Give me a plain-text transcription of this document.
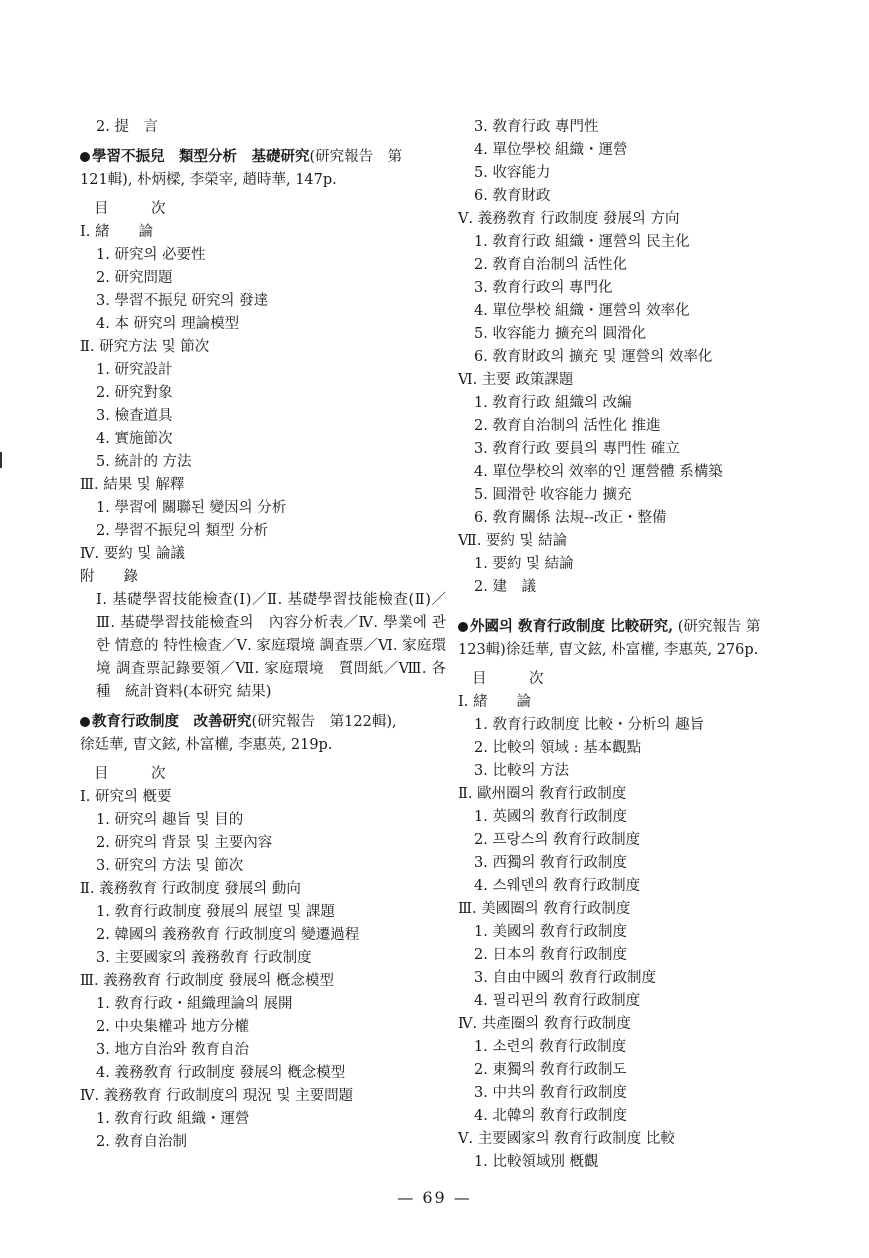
2. 提　言
學習不振兒　類型分析　基礎研究(研究報告　第
121輯), 朴炳樑, 李榮宰, 趙時華, 147p.
目　次
Ⅰ. 緒　　論
1. 研究의 必要性
2. 研究問題
3. 學習不振兒 研究의 發達
4. 本 研究의 理論模型
Ⅱ. 研究方法 및 節次
1. 研究設計
2. 研究對象
3. 檢査道具
4. 實施節次
5. 統計的 方法
Ⅲ. 結果 및 解釋
1. 學習에 關聯된 變因의 分析
2. 學習不振兒의 類型 分析
Ⅳ. 要約 및 論議
附　　錄
Ⅰ. 基礎學習技能檢査(Ⅰ)／Ⅱ. 基礎學習技能檢査(Ⅱ)／Ⅲ. 基礎學習技能檢査의　內容分析表／Ⅳ. 學業에 관한 情意的 特性檢査／Ⅴ. 家庭環境 調査票／Ⅵ. 家庭環境 調査票記錄要領／Ⅶ. 家庭環境　質問紙／Ⅷ. 各種　統計資料(本研究 結果)
教育行政制度　改善研究(研究報告　第122輯),
徐廷華, 曺文鉉, 朴富權, 李惠英, 219p.
目　次
Ⅰ. 研究의 槪要
1. 研究의 趣旨 및 目的
2. 研究의 背景 및 主要內容
3. 研究의 方法 및 節次
Ⅱ. 義務敎育 行政制度 發展의 動向
1. 敎育行政制度 發展의 展望 및 課題
2. 韓國의 義務敎育 行政制度의 變遷過程
3. 主要國家의 義務敎育 行政制度
Ⅲ. 義務敎育 行政制度 發展의 槪念模型
1. 敎育行政・組織理論의 展開
2. 中央集權과 地方分權
3. 地方自治와 敎育自治
4. 義務敎育 行政制度 發展의 槪念模型
Ⅳ. 義務敎育 行政制度의 現況 및 主要問題
1. 敎育行政 組織・運營
2. 敎育自治制
3. 敎育行政 專門性
4. 單位學校 組織・運營
5. 收容能力
6. 敎育財政
Ⅴ. 義務敎育 行政制度 發展의 方向
1. 敎育行政 組織・運營의 民主化
2. 敎育自治制의 活性化
3. 敎育行政의 專門化
4. 單位學校 組織・運營의 效率化
5. 收容能力 擴充의 圓滑化
6. 敎育財政의 擴充 및 運營의 效率化
Ⅵ. 主要 政策課題
1. 敎育行政 組織의 改編
2. 敎育自治制의 活性化 推進
3. 敎育行政 要員의 專門性 確立
4. 單位學校의 效率的인 運營體 系構築
5. 圓滑한 收容能力 擴充
6. 敎育關係 法規--改正・整備
Ⅶ. 要約 및 結論
1. 要約 및 結論
2. 建　議
外國의 敎育行政制度 比較研究, (研究報告 第
123輯)徐廷華, 曺文鉉, 朴富權, 李惠英, 276p.
目　次
Ⅰ. 緒　　論
1. 敎育行政制度 比較・分析의 趣旨
2. 比較의 領域 : 基本觀點
3. 比較의 方法
Ⅱ. 歐州圈의 敎育行政制度
1. 英國의 敎育行政制度
2. 프랑스의 敎育行政制度
3. 西獨의 敎育行政制度
4. 스웨덴의 敎育行政制度
Ⅲ. 美國圈의 敎育行政制度
1. 美國의 敎育行政制度
2. 日本의 敎育行政制度
3. 自由中國의 敎育行政制度
4. 필리핀의 敎育行政制度
Ⅳ. 共產圈의 敎育行政制度
1. 소련의 敎育行政制度
2. 東獨의 敎育行政制도
3. 中共의 敎育行政制度
4. 北韓의 敎育行政制度
Ⅴ. 主要國家의 敎育行政制度 比較
1. 比較領域別 槪觀
— 69 —
